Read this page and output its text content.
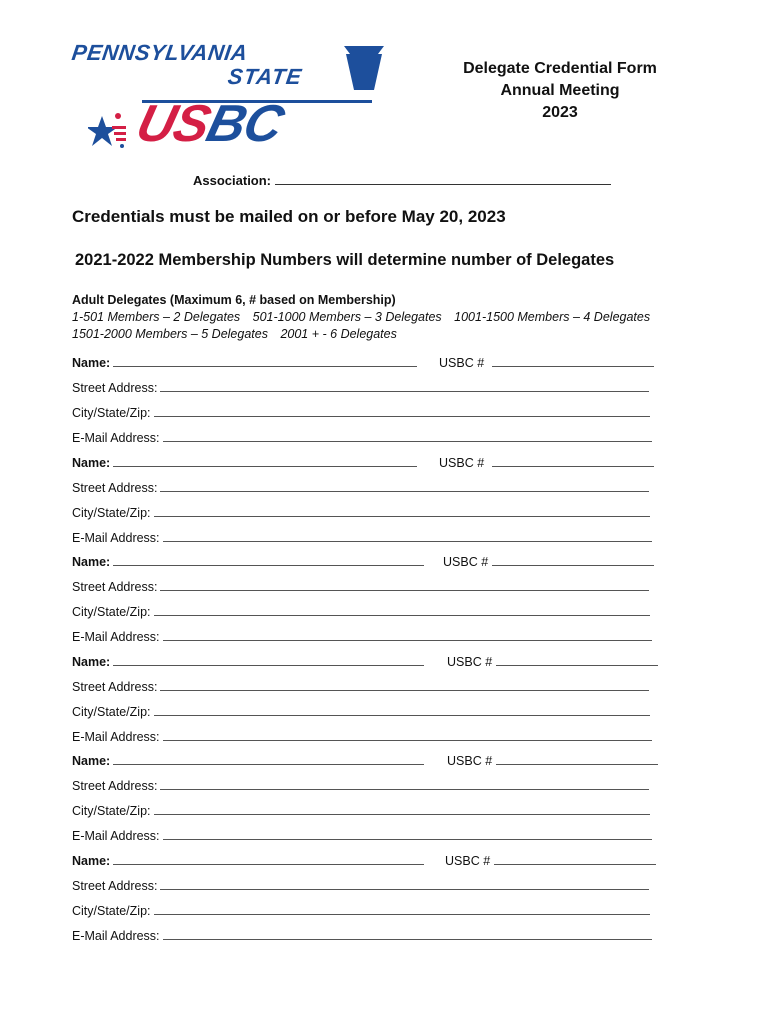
PENNSYLVANIA
STATE
USBC
Delegate Credential Form
Annual Meeting
2023
Association:
Credentials must be mailed on or before May 20, 2023
2021-2022 Membership Numbers will determine number of Delegates
Adult Delegates (Maximum 6, # based on Membership)
1-501 Members – 2 Delegates 501-1000 Members – 3 Delegates 1001-1500 Members – 4 Delegates
1501-2000 Members – 5 Delegates 2001 + - 6 Delegates
Name:	USBC #
Street Address:
City/State/Zip:
E-Mail Address:
Name:	USBC #
Street Address:
City/State/Zip:
E-Mail Address:
Name:	USBC #
Street Address:
City/State/Zip:
E-Mail Address:
Name:	USBC #
Street Address:
City/State/Zip:
E-Mail Address:
Name:	USBC #
Street Address:
City/State/Zip:
E-Mail Address:
Name:	USBC #
Street Address:
City/State/Zip:
E-Mail Address:
